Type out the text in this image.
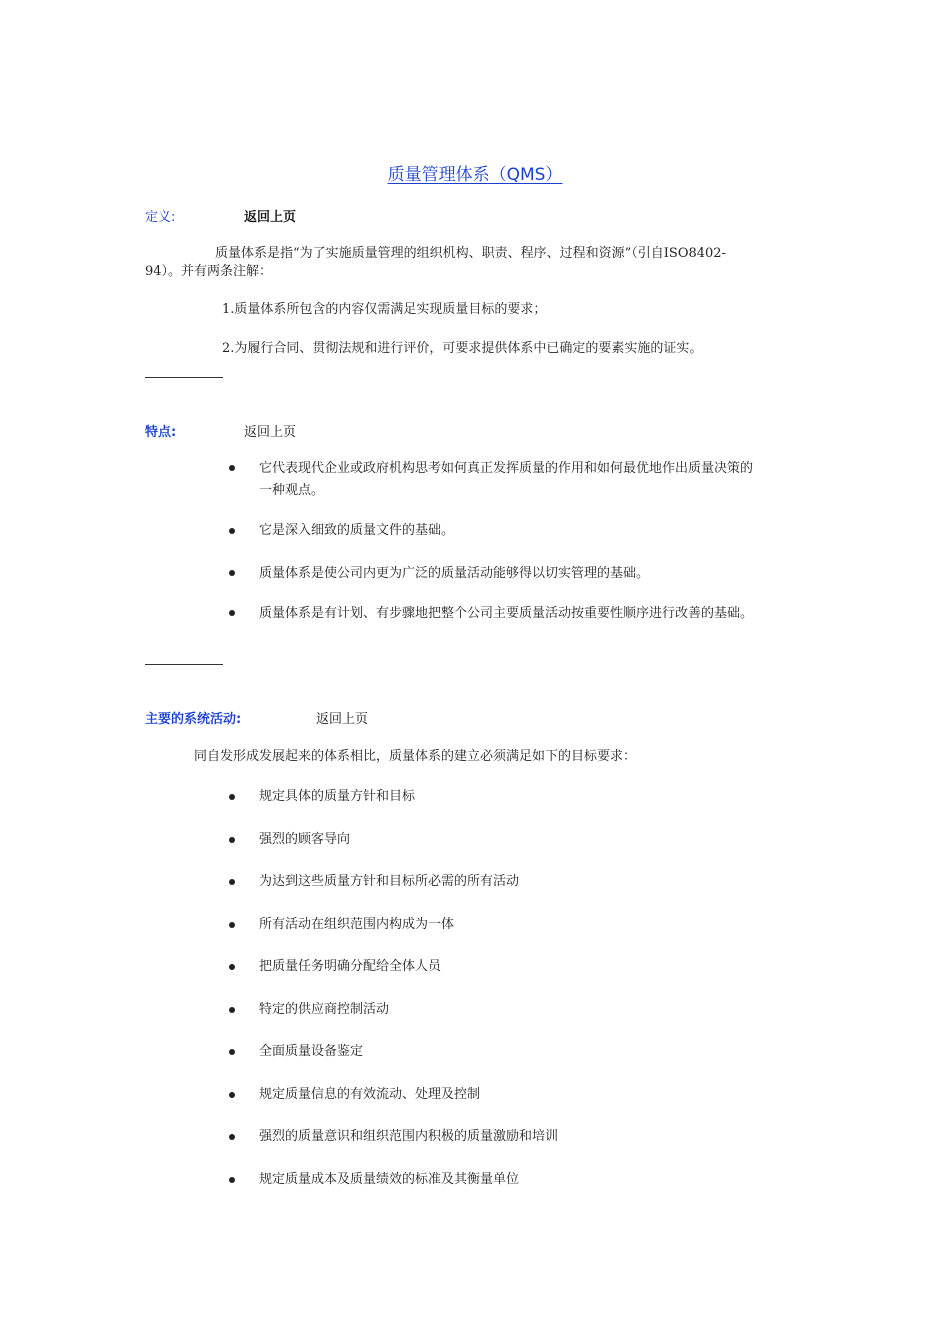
质量管理体系（QMS）
定义:	返回上页
质量体系是指“为了实施质量管理的组织机构、职责、程序、过程和资源”（引自ISO8402-
94）。并有两条注解：
1.质量体系所包含的内容仅需满足实现质量目标的要求；
2.为履行合同、贯彻法规和进行评价，可要求提供体系中已确定的要素实施的证实。
特点:	返回上页
它代表现代企业或政府机构思考如何真正发挥质量的作用和如何最优地作出质量决策的一种观点。
它是深入细致的质量文件的基础。
质量体系是使公司内更为广泛的质量活动能够得以切实管理的基础。
质量体系是有计划、有步骤地把整个公司主要质量活动按重要性顺序进行改善的基础。
主要的系统活动:	返回上页
同自发形成发展起来的体系相比，质量体系的建立必须满足如下的目标要求：
规定具体的质量方针和目标
强烈的顾客导向
为达到这些质量方针和目标所必需的所有活动
所有活动在组织范围内构成为一体
把质量任务明确分配给全体人员
特定的供应商控制活动
全面质量设备鉴定
规定质量信息的有效流动、处理及控制
强烈的质量意识和组织范围内积极的质量激励和培训
规定质量成本及质量绩效的标准及其衡量单位
